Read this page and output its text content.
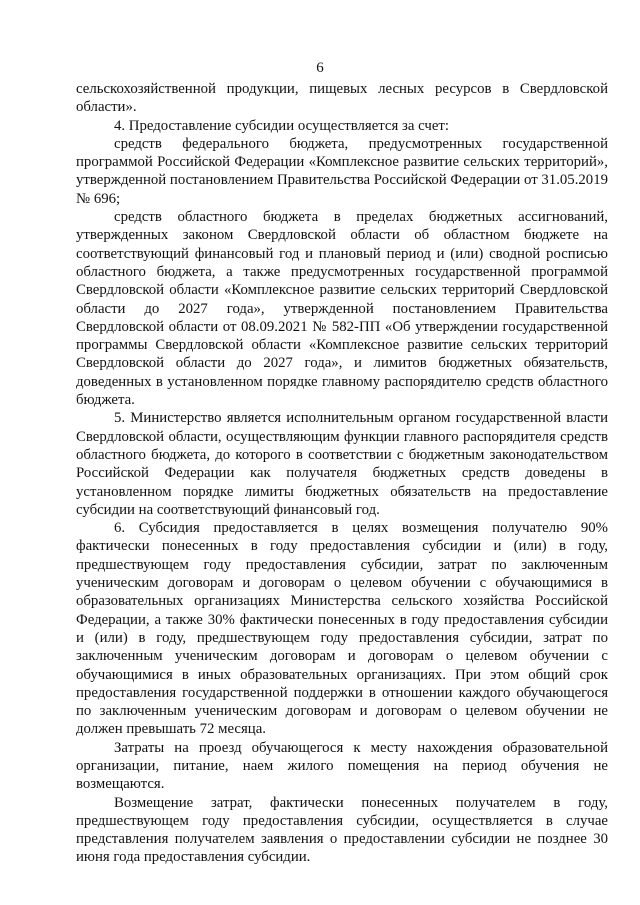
6

сельскохозяйственной продукции, пищевых лесных ресурсов в Свердловской области».

4. Предоставление субсидии осуществляется за счет:

средств федерального бюджета, предусмотренных государственной программой Российской Федерации «Комплексное развитие сельских территорий», утвержденной постановлением Правительства Российской Федерации от 31.05.2019 № 696;

средств областного бюджета в пределах бюджетных ассигнований, утвержденных законом Свердловской области об областном бюджете на соответствующий финансовый год и плановый период и (или) сводной росписью областного бюджета, а также предусмотренных государственной программой Свердловской области «Комплексное развитие сельских территорий Свердловской области до 2027 года», утвержденной постановлением Правительства Свердловской области от 08.09.2021 № 582-ПП «Об утверждении государственной программы Свердловской области «Комплексное развитие сельских территорий Свердловской области до 2027 года», и лимитов бюджетных обязательств, доведенных в установленном порядке главному распорядителю средств областного бюджета.

5. Министерство является исполнительным органом государственной власти Свердловской области, осуществляющим функции главного распорядителя средств областного бюджета, до которого в соответствии с бюджетным законодательством Российской Федерации как получателя бюджетных средств доведены в установленном порядке лимиты бюджетных обязательств на предоставление субсидии на соответствующий финансовый год.

6. Субсидия предоставляется в целях возмещения получателю 90% фактически понесенных в году предоставления субсидии и (или) в году, предшествующем году предоставления субсидии, затрат по заключенным ученическим договорам и договорам о целевом обучении с обучающимися в образовательных организациях Министерства сельского хозяйства Российской Федерации, а также 30% фактически понесенных в году предоставления субсидии и (или) в году, предшествующем году предоставления субсидии, затрат по заключенным ученическим договорам и договорам о целевом обучении с обучающимися в иных образовательных организациях. При этом общий срок предоставления государственной поддержки в отношении каждого обучающегося по заключенным ученическим договорам и договорам о целевом обучении не должен превышать 72 месяца.

Затраты на проезд обучающегося к месту нахождения образовательной организации, питание, наем жилого помещения на период обучения не возмещаются.

Возмещение затрат, фактически понесенных получателем в году, предшествующем году предоставления субсидии, осуществляется в случае представления получателем заявления о предоставлении субсидии не позднее 30 июня года предоставления субсидии.
